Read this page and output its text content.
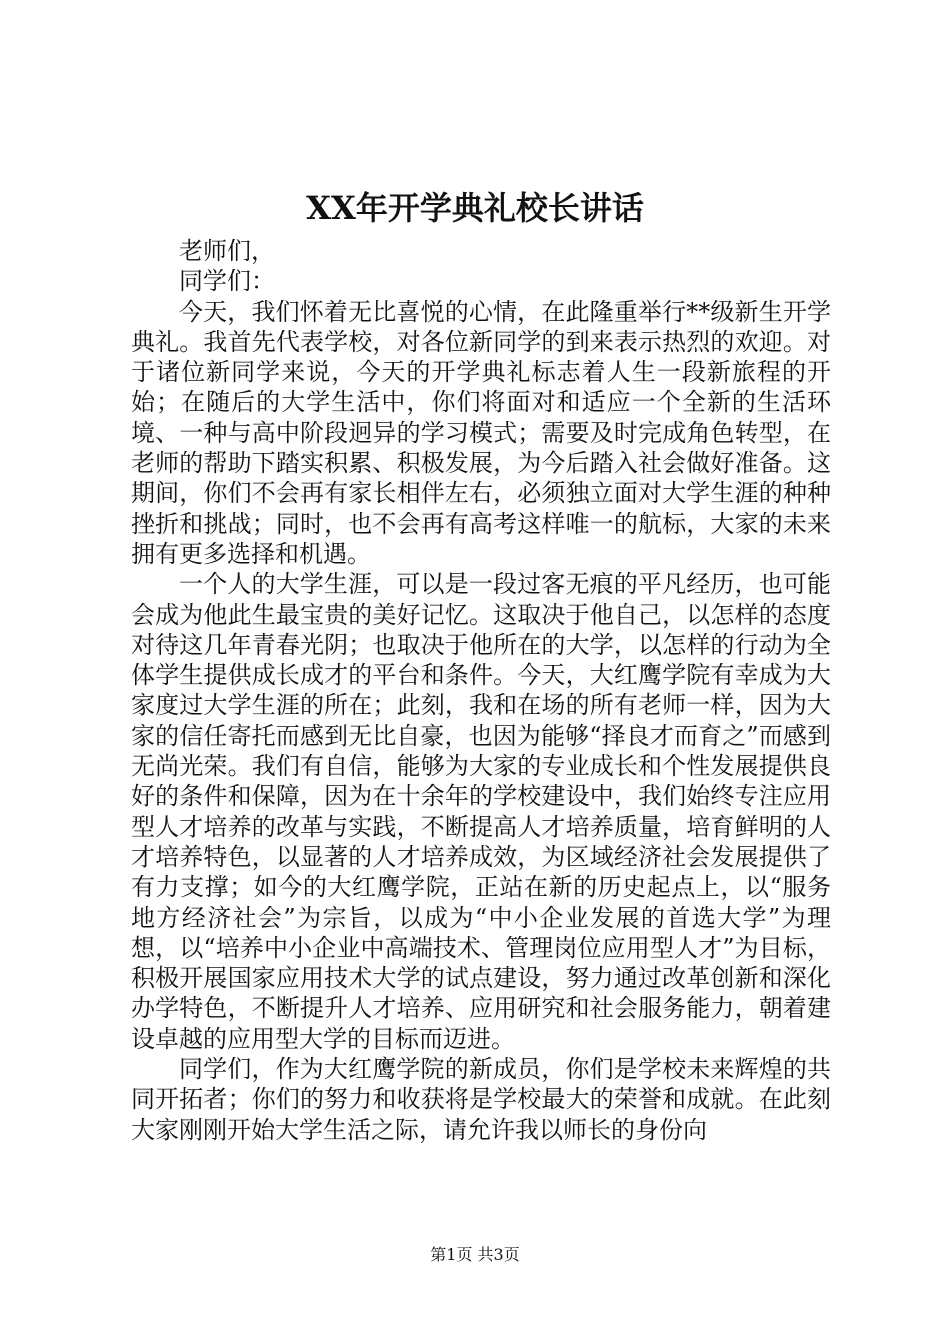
XX年开学典礼校长讲话

老师们，

同学们：

今天，我们怀着无比喜悦的心情，在此隆重举行**级新生开学典礼。我首先代表学校，对各位新同学的到来表示热烈的欢迎。对于诸位新同学来说，今天的开学典礼标志着人生一段新旅程的开始；在随后的大学生活中，你们将面对和适应一个全新的生活环境、一种与高中阶段迥异的学习模式；需要及时完成角色转型，在老师的帮助下踏实积累、积极发展，为今后踏入社会做好准备。这期间，你们不会再有家长相伴左右，必须独立面对大学生涯的种种挫折和挑战；同时，也不会再有高考这样唯一的航标，大家的未来拥有更多选择和机遇。

一个人的大学生涯，可以是一段过客无痕的平凡经历，也可能会成为他此生最宝贵的美好记忆。这取决于他自己，以怎样的态度对待这几年青春光阴；也取决于他所在的大学，以怎样的行动为全体学生提供成长成才的平台和条件。今天，大红鹰学院有幸成为大家度过大学生涯的所在；此刻，我和在场的所有老师一样，因为大家的信任寄托而感到无比自豪，也因为能够“择良才而育之”而感到无尚光荣。我们有自信，能够为大家的专业成长和个性发展提供良好的条件和保障，因为在十余年的学校建设中，我们始终专注应用型人才培养的改革与实践，不断提高人才培养质量，培育鲜明的人才培养特色，以显著的人才培养成效，为区域经济社会发展提供了有力支撑；如今的大红鹰学院，正站在新的历史起点上，以“服务地方经济社会”为宗旨，以成为“中小企业发展的首选大学”为理想，以“培养中小企业中高端技术、管理岗位应用型人才”为目标，积极开展国家应用技术大学的试点建设，努力通过改革创新和深化办学特色，不断提升人才培养、应用研究和社会服务能力，朝着建设卓越的应用型大学的目标而迈进。

同学们，作为大红鹰学院的新成员，你们是学校未来辉煌的共同开拓者；你们的努力和收获将是学校最大的荣誉和成就。在此刻大家刚刚开始大学生活之际，请允许我以师长的身份向

第1页 共3页
